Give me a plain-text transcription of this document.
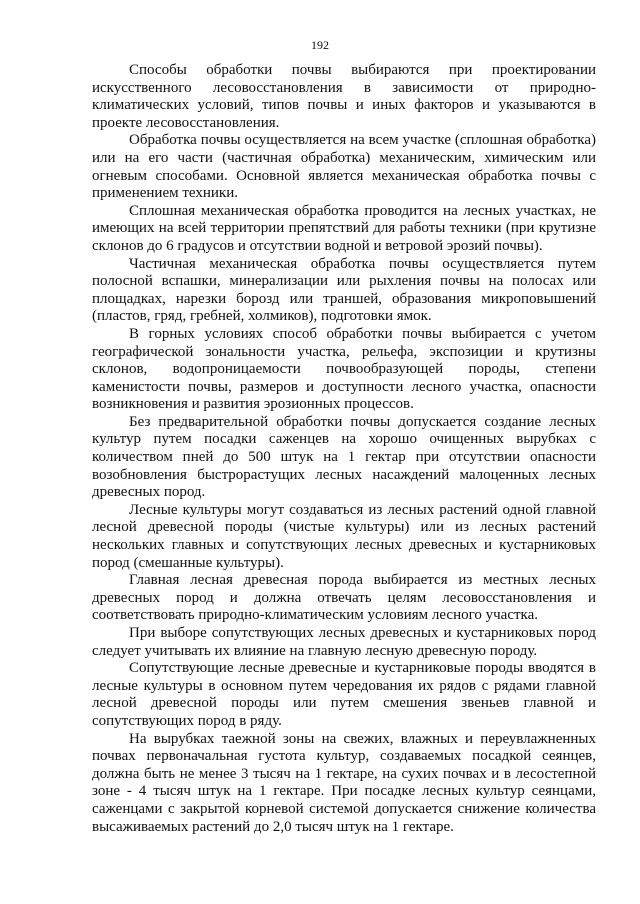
192

Способы обработки почвы выбираются при проектировании искусственного лесовосстановления в зависимости от природно-климатических условий, типов почвы и иных факторов и указываются в проекте лесовосстановления.

Обработка почвы осуществляется на всем участке (сплошная обработка) или на его части (частичная обработка) механическим, химическим или огневым способами. Основной является механическая обработка почвы с применением техники.

Сплошная механическая обработка проводится на лесных участках, не имеющих на всей территории препятствий для работы техники (при крутизне склонов до 6 градусов и отсутствии водной и ветровой эрозий почвы).

Частичная механическая обработка почвы осуществляется путем полосной вспашки, минерализации или рыхления почвы на полосах или площадках, нарезки борозд или траншей, образования микроповышений (пластов, гряд, гребней, холмиков), подготовки ямок.

В горных условиях способ обработки почвы выбирается с учетом географической зональности участка, рельефа, экспозиции и крутизны склонов, водопроницаемости почвообразующей породы, степени каменистости почвы, размеров и доступности лесного участка, опасности возникновения и развития эрозионных процессов.

Без предварительной обработки почвы допускается создание лесных культур путем посадки саженцев на хорошо очищенных вырубках с количеством пней до 500 штук на 1 гектар при отсутствии опасности возобновления быстрорастущих лесных насаждений малоценных лесных древесных пород.

Лесные культуры могут создаваться из лесных растений одной главной лесной древесной породы (чистые культуры) или из лесных растений нескольких главных и сопутствующих лесных древесных и кустарниковых пород (смешанные культуры).

Главная лесная древесная порода выбирается из местных лесных древесных пород и должна отвечать целям лесовосстановления и соответствовать природно-климатическим условиям лесного участка.

При выборе сопутствующих лесных древесных и кустарниковых пород следует учитывать их влияние на главную лесную древесную породу.

Сопутствующие лесные древесные и кустарниковые породы вводятся в лесные культуры в основном путем чередования их рядов с рядами главной лесной древесной породы или путем смешения звеньев главной и сопутствующих пород в ряду.

На вырубках таежной зоны на свежих, влажных и переувлажненных почвах первоначальная густота культур, создаваемых посадкой сеянцев, должна быть не менее 3 тысяч на 1 гектаре, на сухих почвах и в лесостепной зоне - 4 тысяч штук на 1 гектаре. При посадке лесных культур сеянцами, саженцами с закрытой корневой системой допускается снижение количества высаживаемых растений до 2,0 тысяч штук на 1 гектаре.
